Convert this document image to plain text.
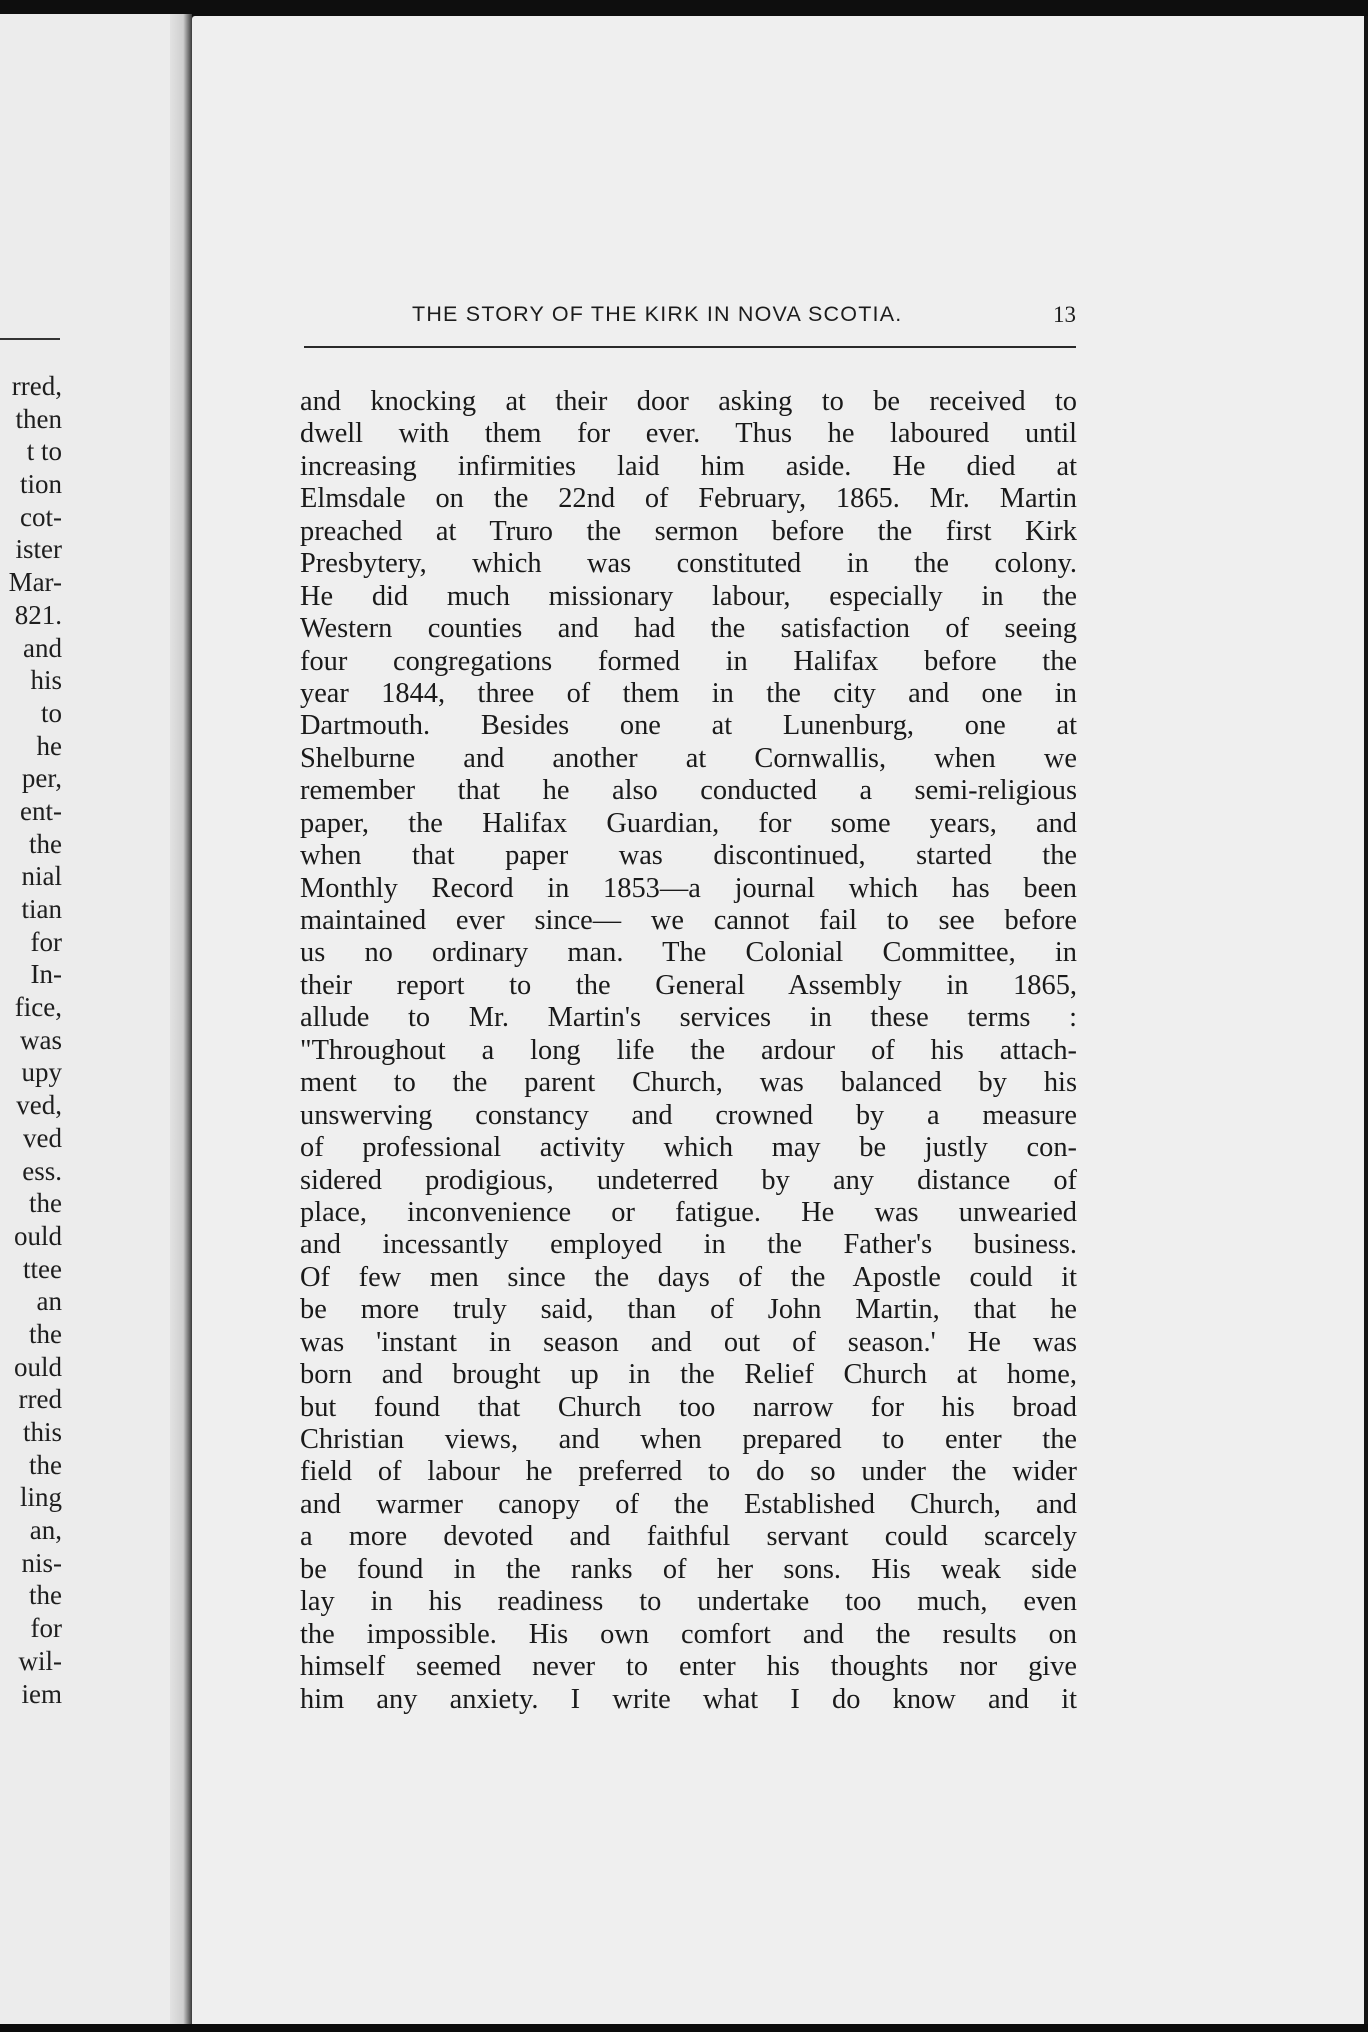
rred,
then
t to
tion
cot-
ister
Mar-
821.
and
his
to
he
per,
ent-
the
nial
tian
for
In-
fice,
was
upy
ved,
ved
ess.
the
ould
ttee
an
the
ould
rred
this
the
ling
an,
nis-
the
for
wil-
iem
THE STORY OF THE KIRK IN NOVA SCOTIA.	13
and knocking at their door asking to be received to
dwell with them for ever. Thus he laboured until
increasing infirmities laid him aside. He died at
Elmsdale on the 22nd of February, 1865. Mr. Martin
preached at Truro the sermon before the first Kirk
Presbytery, which was constituted in the colony.
He did much missionary labour, especially in the
Western counties and had the satisfaction of seeing
four congregations formed in Halifax before the
year 1844, three of them in the city and one in
Dartmouth. Besides one at Lunenburg, one at
Shelburne and another at Cornwallis, when we
remember that he also conducted a semi-religious
paper, the Halifax Guardian, for some years, and
when that paper was discontinued, started the
Monthly Record in 1853—a journal which has been
maintained ever since— we cannot fail to see before
us no ordinary man. The Colonial Committee, in
their report to the General Assembly in 1865,
allude to Mr. Martin's services in these terms :
"Throughout a long life the ardour of his attach-
ment to the parent Church, was balanced by his
unswerving constancy and crowned by a measure
of professional activity which may be justly con-
sidered prodigious, undeterred by any distance of
place, inconvenience or fatigue. He was unwearied
and incessantly employed in the Father's business.
Of few men since the days of the Apostle could it
be more truly said, than of John Martin, that he
was 'instant in season and out of season.' He was
born and brought up in the Relief Church at home,
but found that Church too narrow for his broad
Christian views, and when prepared to enter the
field of labour he preferred to do so under the wider
and warmer canopy of the Established Church, and
a more devoted and faithful servant could scarcely
be found in the ranks of her sons. His weak side
lay in his readiness to undertake too much, even
the impossible. His own comfort and the results on
himself seemed never to enter his thoughts nor give
him any anxiety. I write what I do know and it
